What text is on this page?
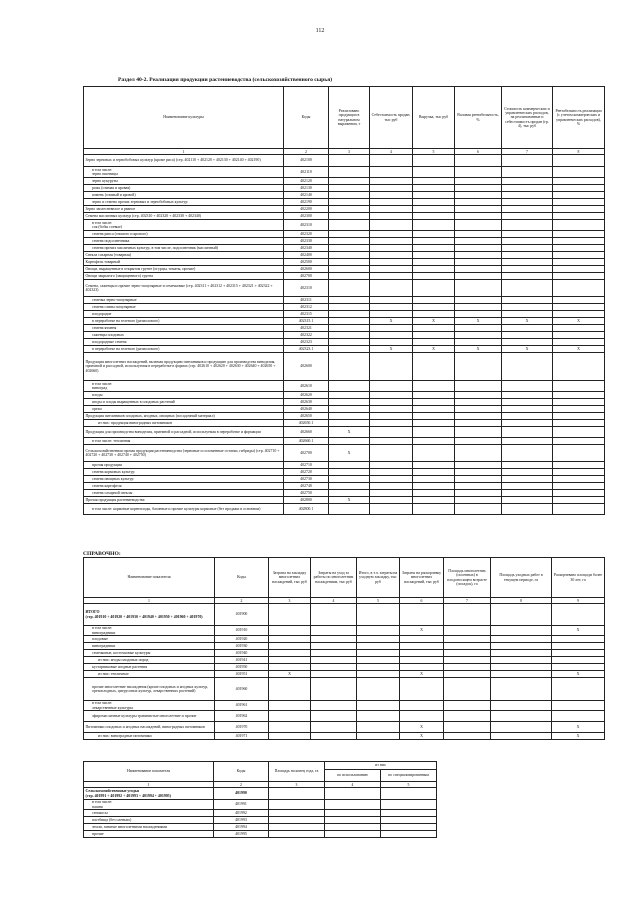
112
Раздел 40-2. Реализация продукции растениеводства (сельскохозяйственного сырья)
Наименование культуры	Коды	Реализовано продукции в натуральном выражении, т	Себестоимость продан. тыс руб	Выручка, тыс руб	Валовая рентабельность, %	Стоимость коммерческих и управленческих расходов, на реализованные и себестоимость продан (гр. 4), тыс руб	Рентабельность реализации (с учетом коммерческих и управленческих расходов), %
1	2	3	4	5	6	7	8
Зерно зерновых и зернобобовых культур (кроме риса) (стр. 402110 + 402120 + 402130 + 402140 + 402190)	402100						
в том числе:
зерно пшеницы	402110						
зерно кукурузы	402120						
рожь (озимая и яровая)	402130						
ячмень (озимый и яровой)	402140						
зерно и семена прочих зерновых и зернобобовых культур	402190						
Зерно заплесневелое и рваное	402200						
Семена масличных культур (стр. 402310 + 402320 + 402330 + 402340)	402300						
в том числе:
соя (бобы соевые)	402310						
семена рапса (озимого и ярового)	402320						
семена подсолнечника	402330						
семена прочих масличных культур, в том числе, подсолнечник (масличный)	402340						
Свекла сахарная (товарная)	402400						
Картофель товарный	402500						
Овощи, выращенные в открытом грунте (огурцы, томаты, прочие)	402600						
Овощи закрытого (защищенного) грунта	402700						
Семена, саженцы и прочие зерно-популярные и семечковые (стр. 402311 + 402312 + 402315 + 402321 + 402322 + 402323)	402310						
семечка зерно-популярные	402311						
семена сливы популярные	402312						
плодородие	402315						
в переработке на зеленого (размолового)	402315.1		X	X	X	X	X
семена ячменя	402321						
саженцы плодовых	402322						
плодородные семена	402323						
в переработке на зеленого (размолового)	402323.1		X	X	X	X	X
Продукция многолетних насаждений, включая продукцию питомников и продукцию для производства виноделия, приемной и рассадной, используемая в переработке в формах (стр. 402610 + 402620 + 402630 + 402640 + 402650 + 402660)	402600						
в том числе:
виноград	402610						
плоды	402620						
ягоды и плоды выращенных в плодовых растений	402630						
орехи	402640						
Продукция питомников плодовых, ягодных, овощных (посадочный материал)	402650						
из них: продукция виноградных питомников	402650.1						
Продукция для производства виноделия, приемной и рассадной, используемая в переработке и формации	402660	X					
в том числе: тепличная	402660.1						
Сельскохозяйственная прочая продукция растениеводства (зерновые и соломенные остатки, гибриды) (стр. 402710 + 402720 + 402730 + 402740 + 402750)	402700	X					
прочая продукция	402710						
семена кормовых культур	402720						
семена овощных культур	402730						
семена картофеля	402740						
семена сахарной свеклы	402750						
Прочая продукция растениеводства	402800	X					
в том числе: кормовые корнеплоды, бахчевые и прочие культуры кормовые (без продажи в основном)	402800.1						
СПРАВОЧНО:
Наименование показателя	Коды	Затраты на закладку многолетних насаждений, тыс руб	Затраты на уход за работы по многолетним насаждениям, тыс руб	Итого, в т.ч. затраты на уходную закладку, тыс руб	Затраты на раскорчевку многолетних насаждений, тыс руб	Площадь многолетних (посевных) в плодоносящем возрасте (посадок), га	Площадь уходных работ в текущем периоде, га	Раскорчевано площади более 30 лет, га
1	2	3	4	5	6	7	8	9
ИТОГО
(стр. 401910 + 401920 + 401930 + 401940 + 401950 + 401960 + 401970)	401900							
в том числе:
виноградники	401910				X			X
плодовые	401920							
виноградники	401930							
семечковые, косточковые культуры	401940							
из них: ягоды плодовых пород	401941							
кустарниковые ягодные растения	401950							
из них: тепличные	401951	X			X			X
прочие многолетние насаждения (кроме плодовых и ягодных культур, орехоплодных, цитрусовых культур, лекарственных растений)	401960							
в том числе:
лекарственные культуры	401961							
эфиромасличные культуры травянистые многолетние и прочие	401962							
Питомники плодовых и ягодных насаждений, виноградных питомников	401970				X			X
из них: виноградные питомники	401971				X			X
Наименование показателя	Коды	Площадь на конец года, га	из них	
			по использованию	по специализированным
1	2	3	4	5
Сельскохозяйственные угодья
(стр. 401991 + 401992 + 401993 + 401994 + 401995)	401990			
в том числе:
пашня	401991			
сенокосы	401992			
пастбища (без оленьих)	401993			
земли, занятые многолетними насаждениями	401994			
прочие	401995			
